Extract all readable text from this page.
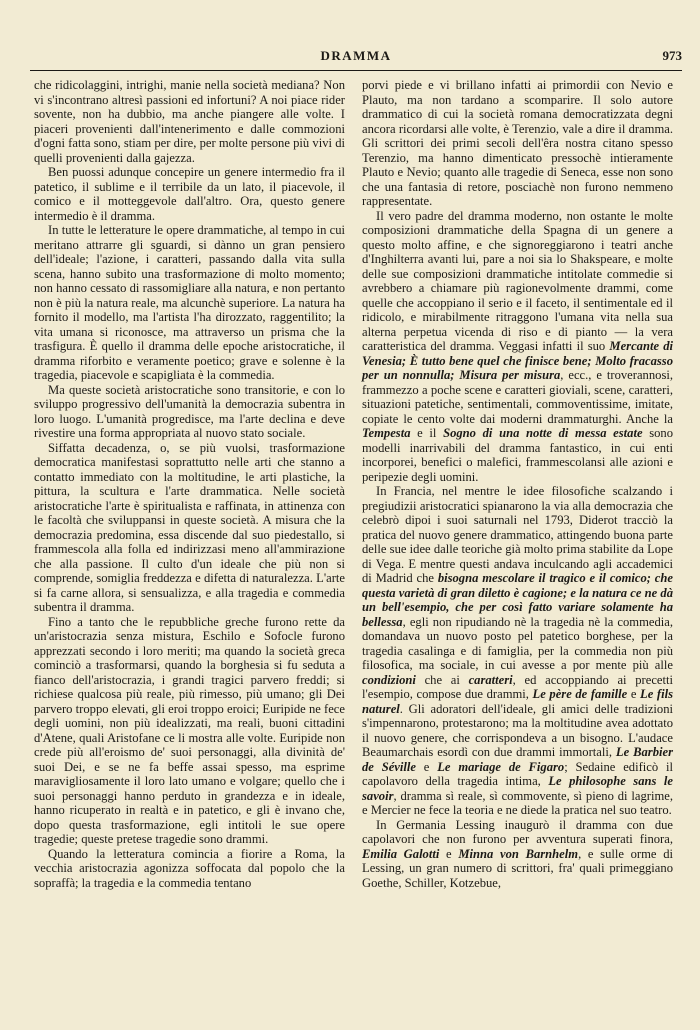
DRAMMA	973

che ridicolaggini, intrighi, manie nella società mediana? Non vi s'incontrano altresì passioni ed infortuni? A noi piace rider sovente, non ha dubbio, ma anche piangere alle volte. I piaceri provenienti dall'intenerimento e dalle commozioni d'ogni fatta sono, stiam per dire, per molte persone più vivi di quelli provenienti dalla gajezza.

Ben puossi adunque concepire un genere intermedio fra il patetico, il sublime e il terribile da un lato, il piacevole, il comico e il motteggevole dall'altro. Ora, questo genere intermedio è il dramma.

In tutte le letterature le opere drammatiche, al tempo in cui meritano attrarre gli sguardi, si dànno un gran pensiero dell'ideale; l'azione, i caratteri, passando dalla vita sulla scena, hanno subito una trasformazione di molto momento; non hanno cessato di rassomigliare alla natura, e non pertanto non è più la natura reale, ma alcunchè superiore. La natura ha fornito il modello, ma l'artista l'ha dirozzato, raggentilito; la vita umana si riconosce, ma attraverso un prisma che la trasfigura. È quello il dramma delle epoche aristocratiche, il dramma riforbito e veramente poetico; grave e solenne è la tragedia, piacevole e scapigliata è la commedia.

Ma queste società aristocratiche sono transitorie, e con lo sviluppo progressivo dell'umanità la democrazia subentra in loro luogo. L'umanità progredisce, ma l'arte declina e deve rivestire una forma appropriata al nuovo stato sociale.

Siffatta decadenza, o, se più vuolsi, trasformazione democratica manifestasi soprattutto nelle arti che stanno a contatto immediato con la moltitudine, le arti plastiche, la pittura, la scultura e l'arte drammatica. Nelle società aristocratiche l'arte è spiritualista e raffinata, in attinenza con le facoltà che sviluppansi in queste società. A misura che la democrazia predomina, essa discende dal suo piedestallo, si frammescola alla folla ed indirizzasi meno all'ammirazione che alla passione. Il culto d'un ideale che più non si comprende, somiglia freddezza e difetta di naturalezza. L'arte si fa carne allora, si sensualizza, e alla tragedia e commedia subentra il dramma.

Fino a tanto che le repubbliche greche furono rette da un'aristocrazia senza mistura, Eschilo e Sofocle furono apprezzati secondo i loro meriti; ma quando la società greca cominciò a trasformarsi, quando la borghesia si fu seduta a fianco dell'aristocrazia, i grandi tragici parvero freddi; si richiese qualcosa più reale, più rimesso, più umano; gli Dei parvero troppo elevati, gli eroi troppo eroici; Euripide ne fece degli uomini, non più idealizzati, ma reali, buoni cittadini d'Atene, quali Aristofane ce li mostra alle volte. Euripide non crede più all'eroismo de' suoi personaggi, alla divinità de' suoi Dei, e se ne fa beffe assai spesso, ma esprime maravigliosamente il loro lato umano e volgare; quello che i suoi personaggi hanno perduto in grandezza e in ideale, hanno ricuperato in realtà e in patetico, e gli è invano che, dopo questa trasformazione, egli intitoli le sue opere tragedie; queste pretese tragedie sono drammi.

Quando la letteratura comincia a fiorire a Roma, la vecchia aristocrazia agonizza soffocata dal popolo che la sopraffà; la tragedia e la commedia tentano

porvi piede e vi brillano infatti ai primordii con Nevio e Plauto, ma non tardano a scomparire. Il solo autore drammatico di cui la società romana democratizzata degni ancora ricordarsi alle volte, è Terenzio, vale a dire il dramma. Gli scrittori dei primi secoli dell'êra nostra citano spesso Terenzio, ma hanno dimenticato pressochè intieramente Plauto e Nevio; quanto alle tragedie di Seneca, esse non sono che una fantasia di retore, posciachè non furono nemmeno rappresentate.

Il vero padre del dramma moderno, non ostante le molte composizioni drammatiche della Spagna di un genere a questo molto affine, e che signoreggiarono i teatri anche d'Inghilterra avanti lui, pare a noi sia lo Shakspeare, e molte delle sue composizioni drammatiche intitolate commedie si avrebbero a chiamare più ragionevolmente drammi, come quelle che accoppiano il serio e il faceto, il sentimentale ed il ridicolo, e mirabilmente ritraggono l'umana vita nella sua alterna perpetua vicenda di riso e di pianto — la vera caratteristica del dramma. Veggasi infatti il suo Mercante di Venesia; È tutto bene quel che finisce bene; Molto fracasso per un nonnulla; Misura per misura, ecc., e troverannosi, frammezzo a poche scene e caratteri gioviali, scene, caratteri, situazioni patetiche, sentimentali, commoventissime, imitate, copiate le cento volte dai moderni drammaturghi. Anche la Tempesta e il Sogno di una notte di messa estate sono modelli inarrivabili del dramma fantastico, in cui enti incorporei, benefici o malefici, frammescolansi alle azioni e peripezie degli uomini.

In Francia, nel mentre le idee filosofiche scalzando i pregiudizii aristocratici spianarono la via alla democrazia che celebrò dipoi i suoi saturnali nel 1793, Diderot tracciò la pratica del nuovo genere drammatico, attingendo buona parte delle sue idee dalle teoriche già molto prima stabilite da Lope di Vega. E mentre questi andava inculcando agli accademici di Madrid che bisogna mescolare il tragico e il comico; che questa varietà di gran diletto è cagione; e la natura ce ne dà un bell'esempio, che per così fatto variare solamente ha bellessa, egli non ripudiando nè la tragedia nè la commedia, domandava un nuovo posto pel patetico borghese, per la tragedia casalinga e di famiglia, per la commedia non più filosofica, ma sociale, in cui avesse a por mente più alle condizioni che ai caratteri, ed accoppiando ai precetti l'esempio, compose due drammi, Le père de famille e Le fils naturel. Gli adoratori dell'ideale, gli amici delle tradizioni s'impennarono, protestarono; ma la moltitudine avea adottato il nuovo genere, che corrispondeva a un bisogno. L'audace Beaumarchais esordì con due drammi immortali, Le Barbier de Séville e Le mariage de Figaro; Sedaine edificò il capolavoro della tragedia intima, Le philosophe sans le savoir, dramma sì reale, sì commovente, sì pieno di lagrime, e Mercier ne fece la teoria e ne diede la pratica nel suo teatro.

In Germania Lessing inaugurò il dramma con due capolavori che non furono per avventura superati finora, Emilia Galotti e Minna von Barnhelm, e sulle orme di Lessing, un gran numero di scrittori, fra' quali primeggiano Goethe, Schiller, Kotzebue,
